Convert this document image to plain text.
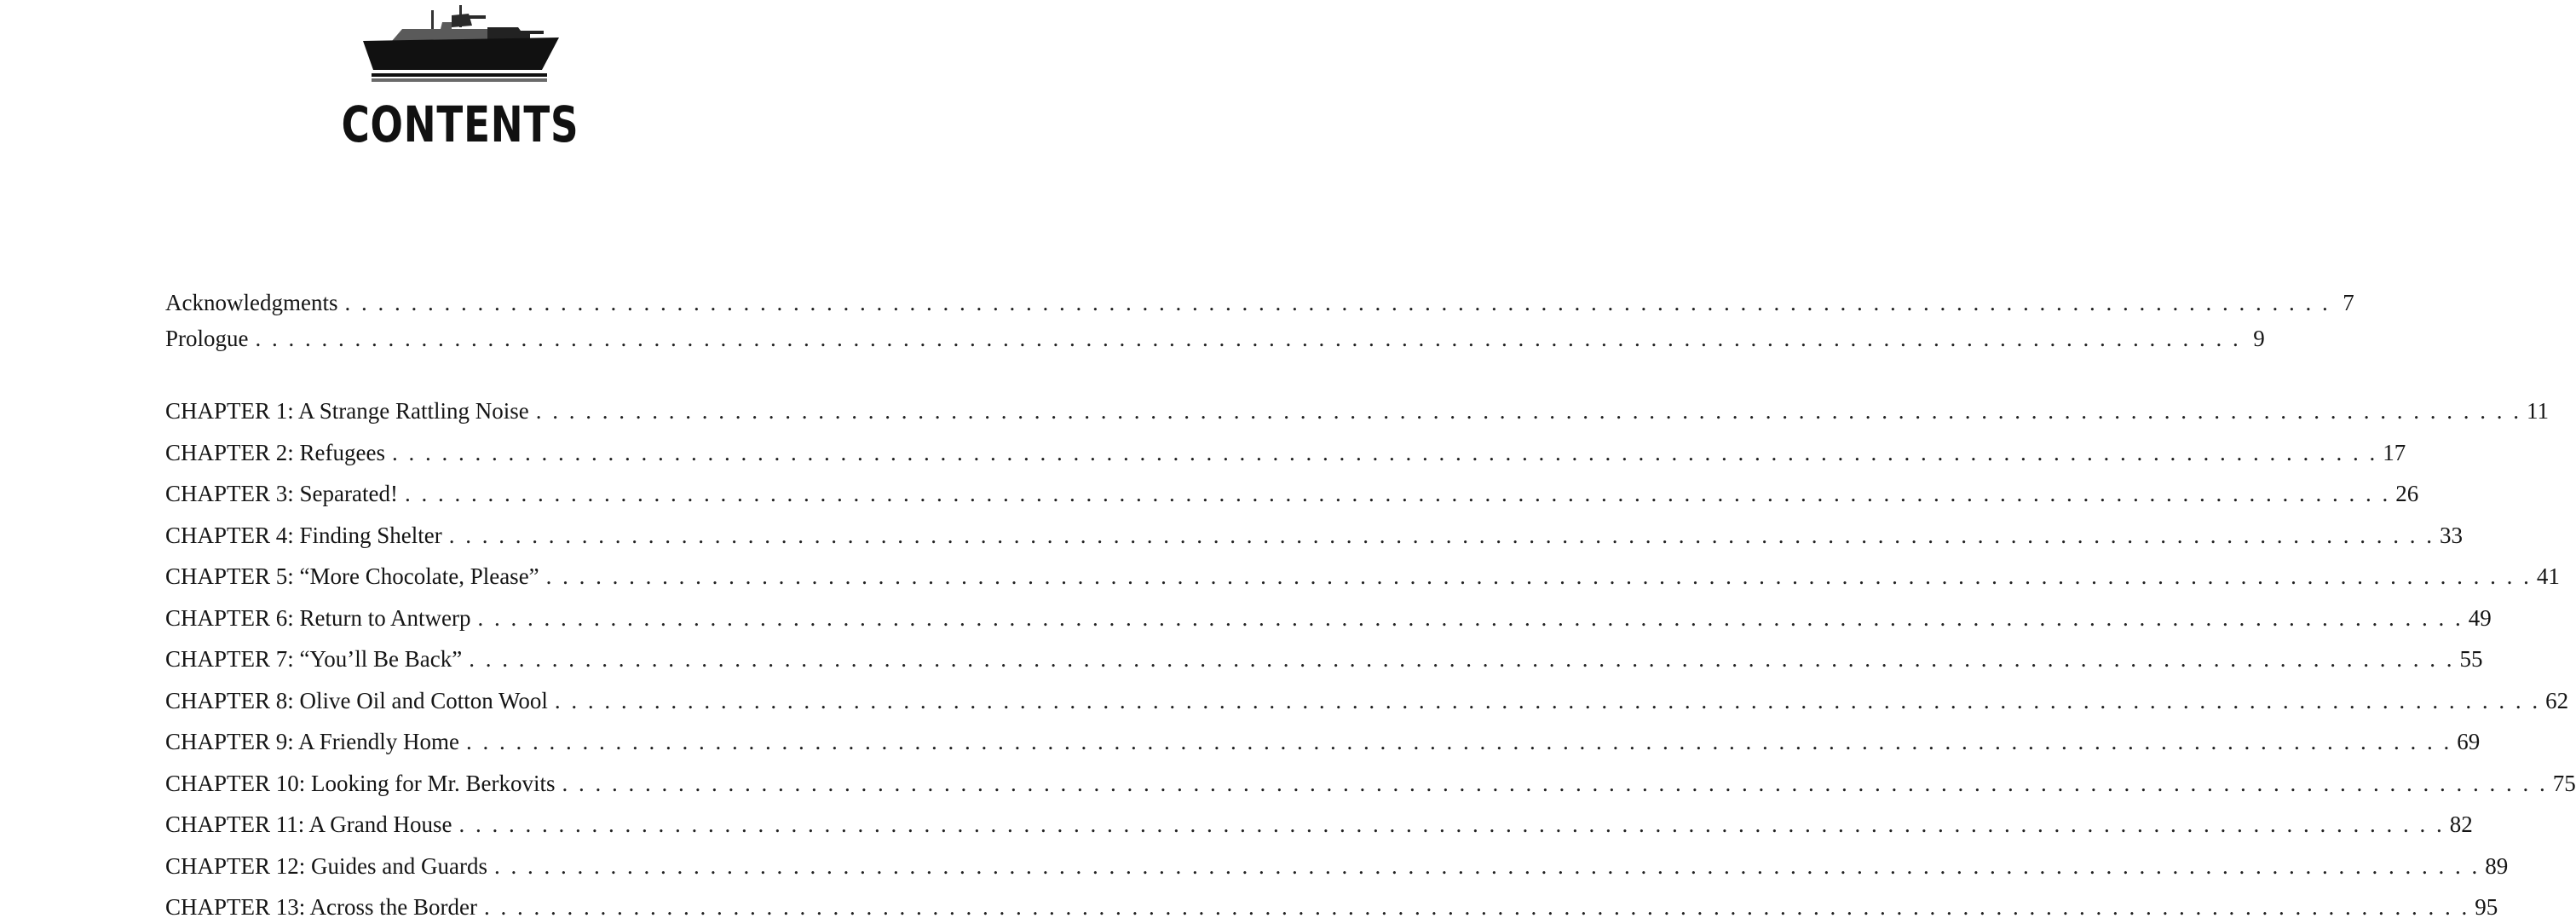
CONTENTS
Acknowledgments . . . . . . . . . . . . . . . . . . . . . . . . . . . . . . . . . . . . . . . . . . . . . . . . . . . . . . . . . . . . . . . . . . . . . . . . . . . . . . . . . . . . . . . . . . . . . . . . . . . . . . . . . . . . . . . . . . . . . . . . 7
Prologue . . . . . . . . . . . . . . . . . . . . . . . . . . . . . . . . . . . . . . . . . . . . . . . . . . . . . . . . . . . . . . . . . . . . . . . . . . . . . . . . . . . . . . . . . . . . . . . . . . . . . . . . . . . . . . . . . . . . . . . . 9
CHAPTER 1: A Strange Rattling Noise . . . . . . . . . . . . . . . . . . . . . . . . . . . . . . . . . . . . . . . . . . . . . . . . . . . . . . . . . . . . . . . . . . . . . . . . . . . . . . . . . . . . . . . . . . . . . . . . . . . . . . . . . . . . . . . . . . . . . . . . 11
CHAPTER 2: Refugees . . . . . . . . . . . . . . . . . . . . . . . . . . . . . . . . . . . . . . . . . . . . . . . . . . . . . . . . . . . . . . . . . . . . . . . . . . . . . . . . . . . . . . . . . . . . . . . . . . . . . . . . . . . . . . . . . . . . . . . . 17
CHAPTER 3: Separated! . . . . . . . . . . . . . . . . . . . . . . . . . . . . . . . . . . . . . . . . . . . . . . . . . . . . . . . . . . . . . . . . . . . . . . . . . . . . . . . . . . . . . . . . . . . . . . . . . . . . . . . . . . . . . . . . . . . . . . . . 26
CHAPTER 4: Finding Shelter . . . . . . . . . . . . . . . . . . . . . . . . . . . . . . . . . . . . . . . . . . . . . . . . . . . . . . . . . . . . . . . . . . . . . . . . . . . . . . . . . . . . . . . . . . . . . . . . . . . . . . . . . . . . . . . . . . . . . . . . 33
CHAPTER 5: “More Chocolate, Please” . . . . . . . . . . . . . . . . . . . . . . . . . . . . . . . . . . . . . . . . . . . . . . . . . . . . . . . . . . . . . . . . . . . . . . . . . . . . . . . . . . . . . . . . . . . . . . . . . . . . . . . . . . . . . . . . . . . . . . . . 41
CHAPTER 6: Return to Antwerp . . . . . . . . . . . . . . . . . . . . . . . . . . . . . . . . . . . . . . . . . . . . . . . . . . . . . . . . . . . . . . . . . . . . . . . . . . . . . . . . . . . . . . . . . . . . . . . . . . . . . . . . . . . . . . . . . . . . . . . . 49
CHAPTER 7: “You’ll Be Back” . . . . . . . . . . . . . . . . . . . . . . . . . . . . . . . . . . . . . . . . . . . . . . . . . . . . . . . . . . . . . . . . . . . . . . . . . . . . . . . . . . . . . . . . . . . . . . . . . . . . . . . . . . . . . . . . . . . . . . . . 55
CHAPTER 8: Olive Oil and Cotton Wool . . . . . . . . . . . . . . . . . . . . . . . . . . . . . . . . . . . . . . . . . . . . . . . . . . . . . . . . . . . . . . . . . . . . . . . . . . . . . . . . . . . . . . . . . . . . . . . . . . . . . . . . . . . . . . . . . . . . . . . . 62
CHAPTER 9: A Friendly Home . . . . . . . . . . . . . . . . . . . . . . . . . . . . . . . . . . . . . . . . . . . . . . . . . . . . . . . . . . . . . . . . . . . . . . . . . . . . . . . . . . . . . . . . . . . . . . . . . . . . . . . . . . . . . . . . . . . . . . . . 69
CHAPTER 10: Looking for Mr. Berkovits . . . . . . . . . . . . . . . . . . . . . . . . . . . . . . . . . . . . . . . . . . . . . . . . . . . . . . . . . . . . . . . . . . . . . . . . . . . . . . . . . . . . . . . . . . . . . . . . . . . . . . . . . . . . . . . . . . . . . . . . 75
CHAPTER 11: A Grand House . . . . . . . . . . . . . . . . . . . . . . . . . . . . . . . . . . . . . . . . . . . . . . . . . . . . . . . . . . . . . . . . . . . . . . . . . . . . . . . . . . . . . . . . . . . . . . . . . . . . . . . . . . . . . . . . . . . . . . . . 82
CHAPTER 12: Guides and Guards . . . . . . . . . . . . . . . . . . . . . . . . . . . . . . . . . . . . . . . . . . . . . . . . . . . . . . . . . . . . . . . . . . . . . . . . . . . . . . . . . . . . . . . . . . . . . . . . . . . . . . . . . . . . . . . . . . . . . . . . 89
CHAPTER 13: Across the Border . . . . . . . . . . . . . . . . . . . . . . . . . . . . . . . . . . . . . . . . . . . . . . . . . . . . . . . . . . . . . . . . . . . . . . . . . . . . . . . . . . . . . . . . . . . . . . . . . . . . . . . . . . . . . . . . . . . . . . . . 95
